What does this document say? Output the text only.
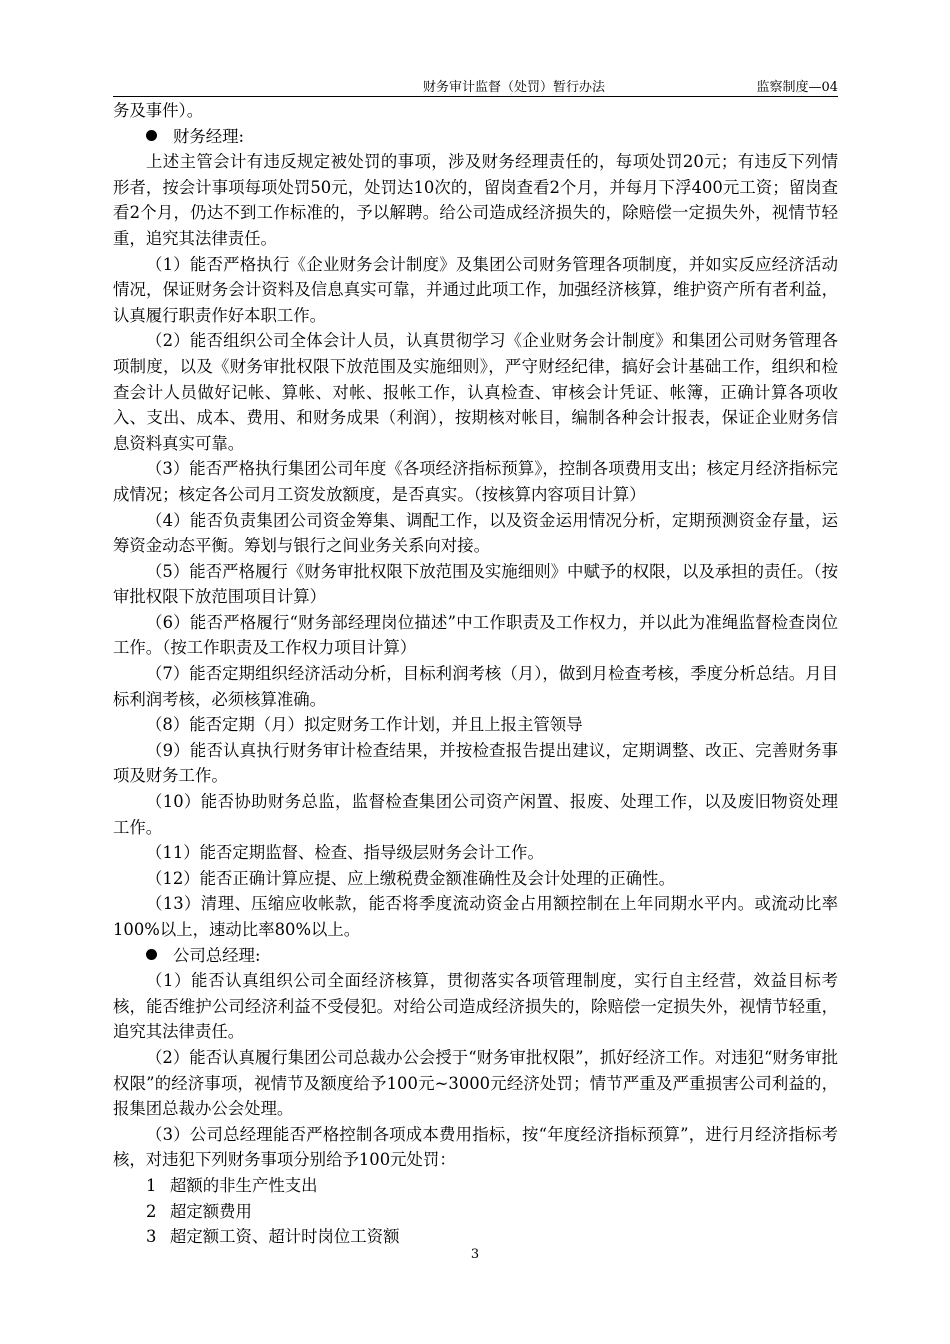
财务审计监督（处罚）暂行办法	监察制度—04

务及事件）。

财务经理:

上述主管会计有违反规定被处罚的事项，涉及财务经理责任的，每项处罚20元；有违反下列情形者，按会计事项每项处罚50元，处罚达10次的，留岗查看2个月，并每月下浮400元工资；留岗查看2个月，仍达不到工作标准的，予以解聘。给公司造成经济损失的，除赔偿一定损失外，视情节轻重，追究其法律责任。

（1）能否严格执行《企业财务会计制度》及集团公司财务管理各项制度，并如实反应经济活动情况，保证财务会计资料及信息真实可靠，并通过此项工作，加强经济核算，维护资产所有者利益，认真履行职责作好本职工作。

（2）能否组织公司全体会计人员，认真贯彻学习《企业财务会计制度》和集团公司财务管理各项制度，以及《财务审批权限下放范围及实施细则》，严守财经纪律，搞好会计基础工作，组织和检查会计人员做好记帐、算帐、对帐、报帐工作，认真检查、审核会计凭证、帐簿，正确计算各项收入、支出、成本、费用、和财务成果（利润），按期核对帐目，编制各种会计报表，保证企业财务信息资料真实可靠。

（3）能否严格执行集团公司年度《各项经济指标预算》，控制各项费用支出；核定月经济指标完成情况；核定各公司月工资发放额度，是否真实。（按核算内容项目计算）

（4）能否负责集团公司资金筹集、调配工作，以及资金运用情况分析，定期预测资金存量，运筹资金动态平衡。筹划与银行之间业务关系向对接。

（5）能否严格履行《财务审批权限下放范围及实施细则》中赋予的权限，以及承担的责任。（按审批权限下放范围项目计算）

（6）能否严格履行“财务部经理岗位描述”中工作职责及工作权力，并以此为准绳监督检查岗位工作。（按工作职责及工作权力项目计算）

（7）能否定期组织经济活动分析，目标利润考核（月），做到月检查考核，季度分析总结。月目标利润考核，必须核算准确。

（8）能否定期（月）拟定财务工作计划，并且上报主管领导

（9）能否认真执行财务审计检查结果，并按检查报告提出建议，定期调整、改正、完善财务事项及财务工作。

（10）能否协助财务总监，监督检查集团公司资产闲置、报废、处理工作，以及废旧物资处理工作。

（11）能否定期监督、检查、指导级层财务会计工作。

（12）能否正确计算应提、应上缴税费金额准确性及会计处理的正确性。

（13）清理、压缩应收帐款，能否将季度流动资金占用额控制在上年同期水平内。或流动比率100%以上，速动比率80%以上。

公司总经理:

（1）能否认真组织公司全面经济核算，贯彻落实各项管理制度，实行自主经营，效益目标考核，能否维护公司经济利益不受侵犯。对给公司造成经济损失的，除赔偿一定损失外，视情节轻重，追究其法律责任。

（2）能否认真履行集团公司总裁办公会授于“财务审批权限”，抓好经济工作。对违犯“财务审批权限”的经济事项，视情节及额度给予100元~3000元经济处罚；情节严重及严重损害公司利益的，报集团总裁办公会处理。

（3）公司总经理能否严格控制各项成本费用指标，按“年度经济指标预算”，进行月经济指标考核，对违犯下列财务事项分别给予100元处罚：

1 超额的非生产性支出

2 超定额费用

3 超定额工资、超计时岗位工资额

3
